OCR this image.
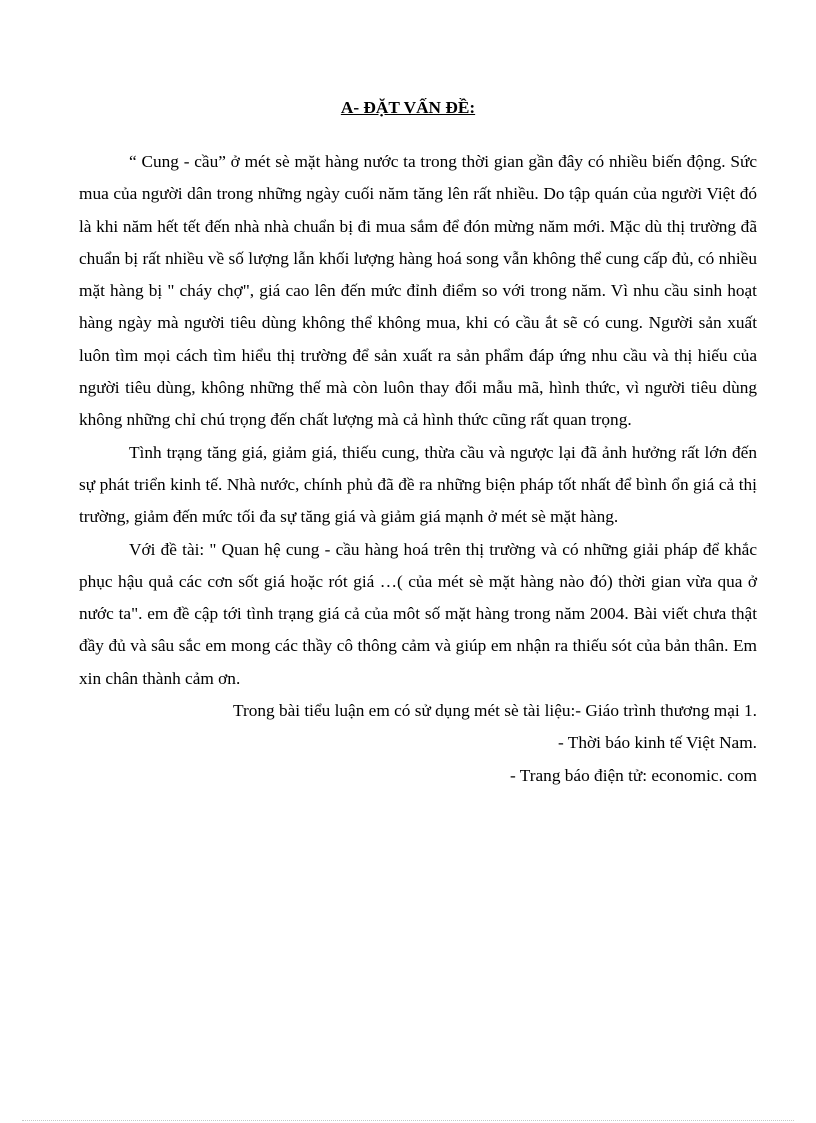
A- ĐẶT VẤN ĐỀ:

“ Cung - cầu” ở mét sè mặt hàng nước ta trong thời gian gần đây có nhiều biến động. Sức mua của người dân trong những ngày cuối năm tăng lên rất nhiều. Do tập quán của người Việt đó là khi năm hết tết đến nhà nhà chuẩn bị đi mua sắm để đón mừng năm mới. Mặc dù thị trường đã chuẩn bị rất nhiều về số lượng lẫn khối lượng hàng hoá song vẫn không thể cung cấp đủ, có nhiều mặt hàng bị " cháy chợ", giá cao lên đến mức đỉnh điểm so với trong năm. Vì nhu cầu sinh hoạt hàng ngày mà người tiêu dùng không thể không mua, khi có cầu ắt sẽ có cung. Người sản xuất luôn tìm mọi cách tìm hiểu thị trường để sản xuất ra sản phẩm đáp ứng nhu cầu và thị hiếu của người tiêu dùng, không những thế mà còn luôn thay đổi mẫu mã, hình thức, vì người tiêu dùng không những chỉ chú trọng đến chất lượng mà cả hình thức cũng rất quan trọng.

Tình trạng tăng giá, giảm giá, thiếu cung, thừa cầu và ngược lại đã ảnh hưởng rất lớn đến sự phát triển kinh tế. Nhà nước, chính phủ đã đề ra những biện pháp tốt nhất để bình ổn giá cả thị trường, giảm đến mức tối đa sự tăng giá và giảm giá mạnh ở mét sè mặt hàng.

Với đề tài: " Quan hệ cung - cầu hàng hoá trên thị trường và có những giải pháp để khắc phục hậu quả các cơn sốt giá hoặc rót giá …( của mét sè mặt hàng nào đó) thời gian vừa qua ở nước ta". em đề cập tới tình trạng giá cả của môt số mặt hàng trong năm 2004. Bài viết chưa thật đầy đủ và sâu sắc em mong các thầy cô thông cảm và giúp em nhận ra thiếu sót của bản thân. Em xin chân thành cảm ơn.

Trong bài tiểu luận em có sử dụng mét sè tài liệu:- Giáo trình thương mại 1.

- Thời báo kinh tế Việt Nam.

- Trang báo điện tử: economic. com
